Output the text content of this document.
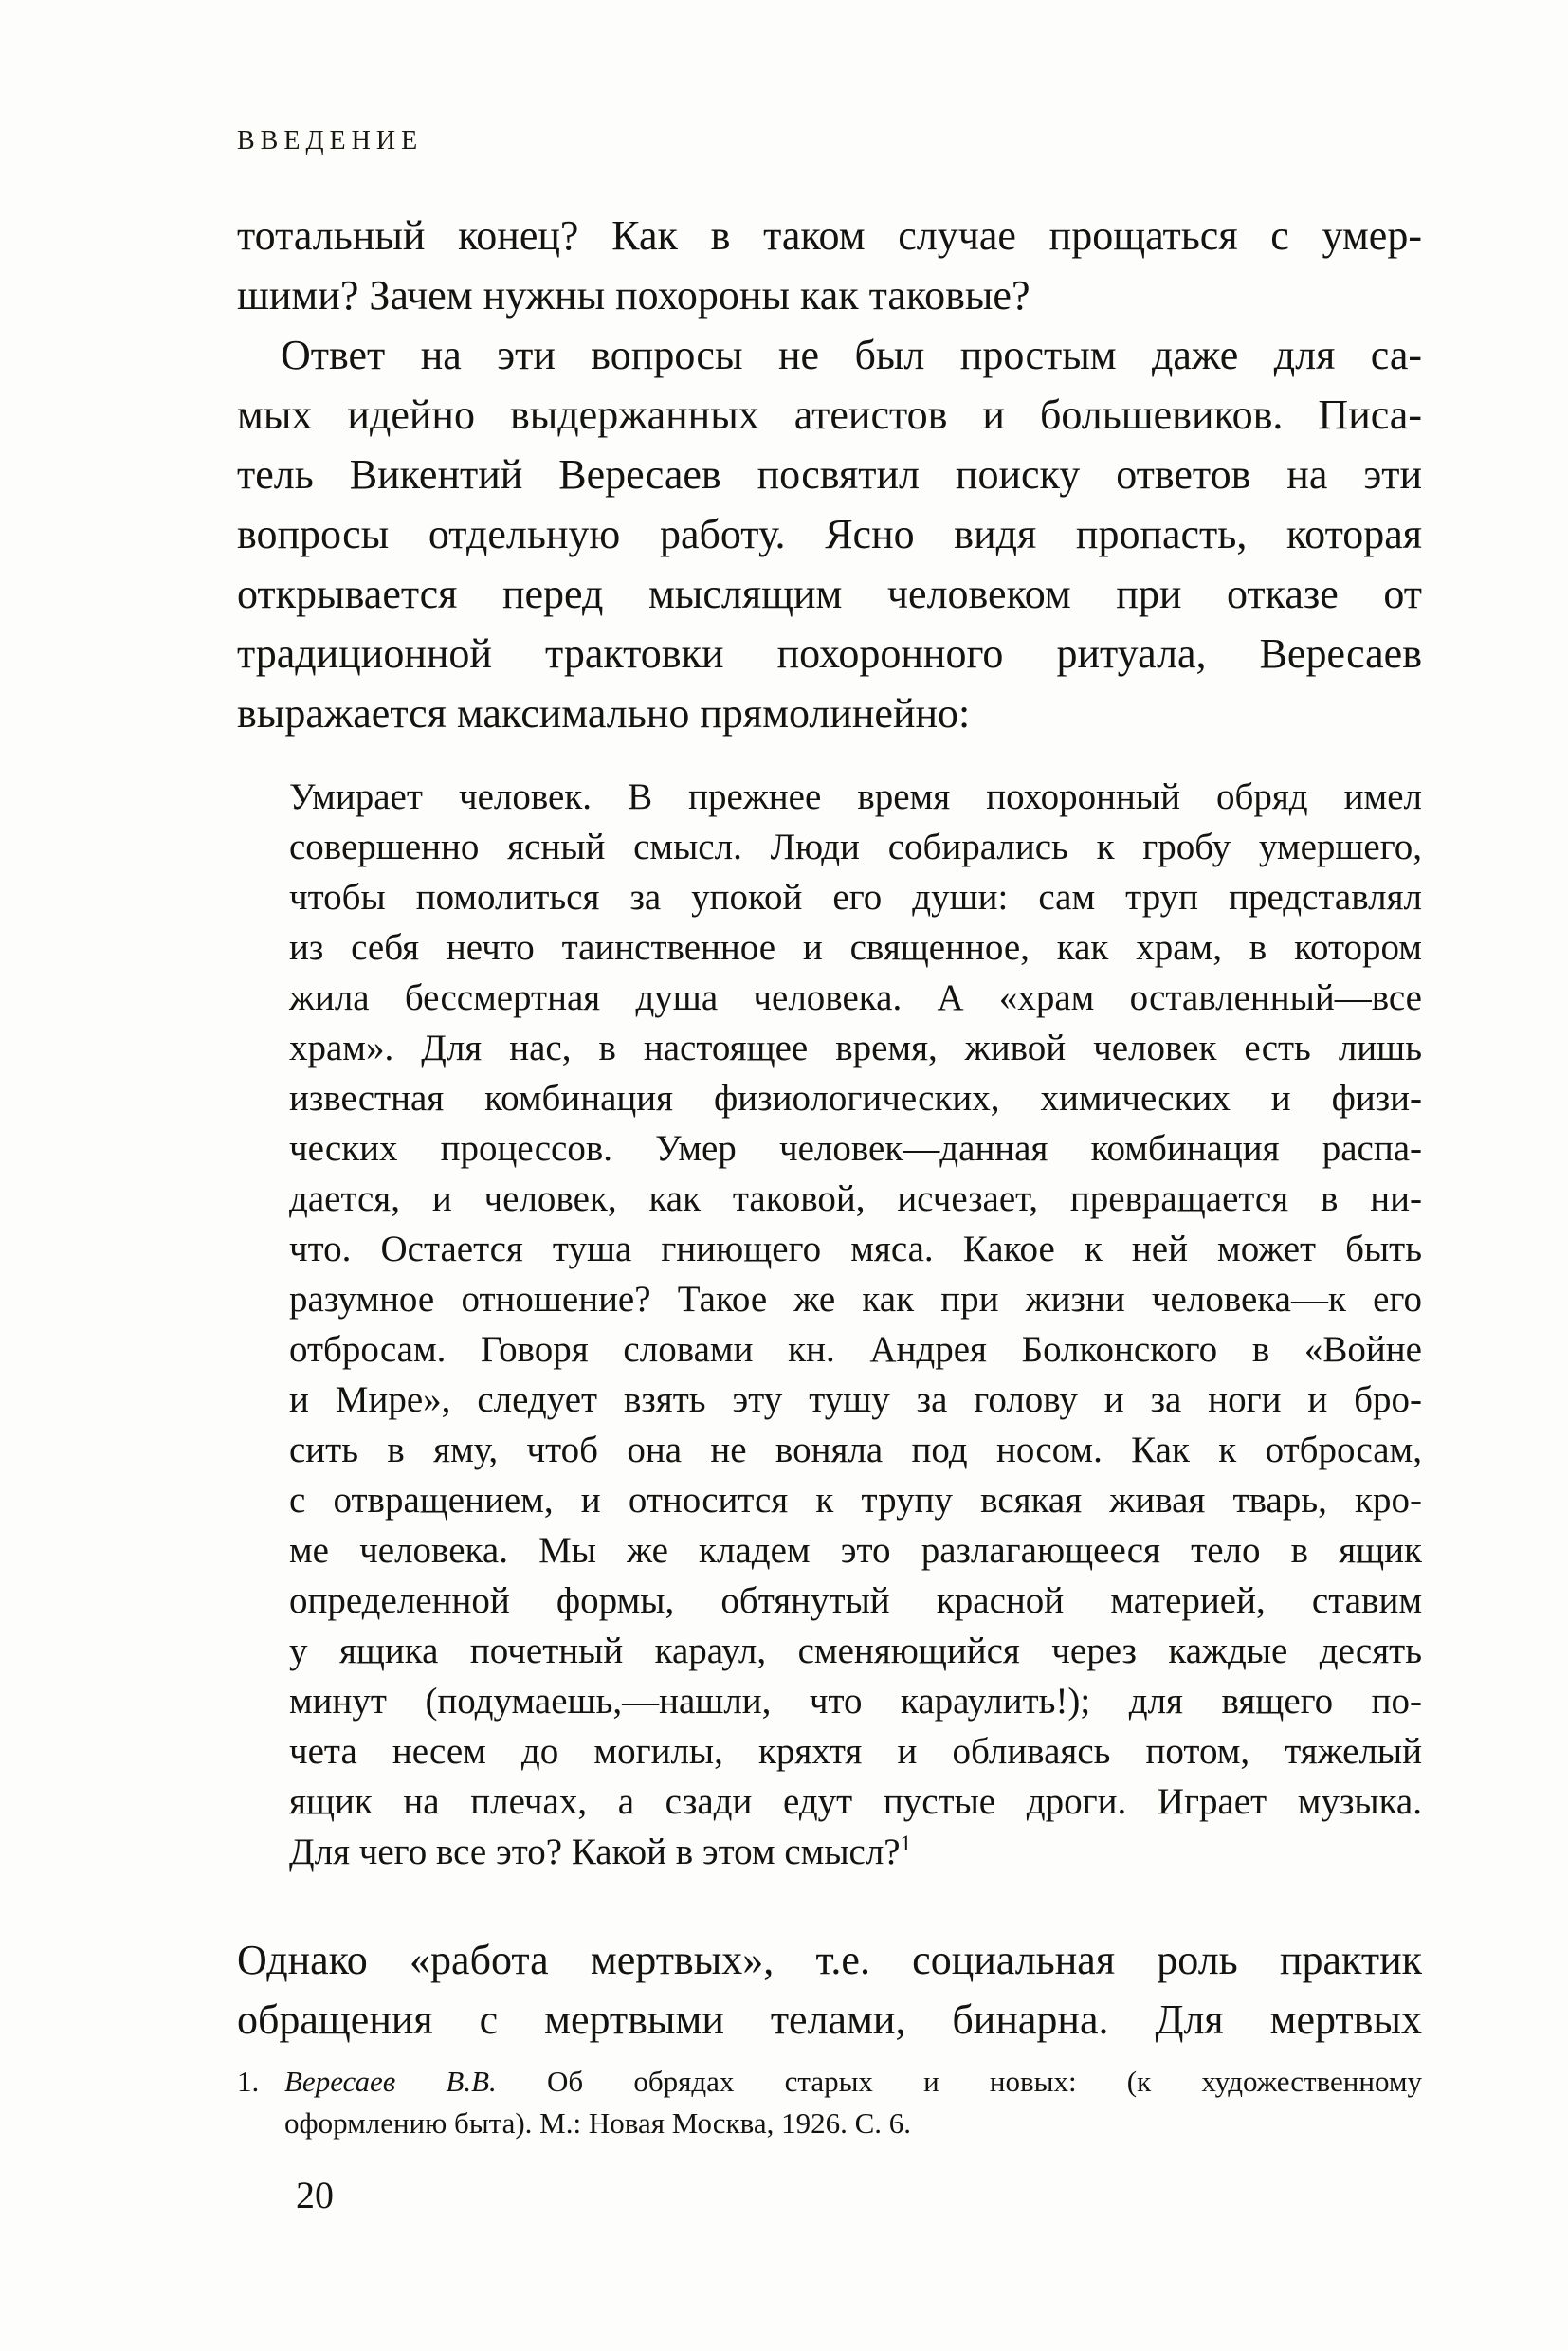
ВВЕДЕНИЕ
тотальный конец? Как в таком случае прощаться с умер-
шими? Зачем нужны похороны как таковые?
Ответ на эти вопросы не был простым даже для са-
мых идейно выдержанных атеистов и большевиков. Писа-
тель Викентий Вересаев посвятил поиску ответов на эти
вопросы отдельную работу. Ясно видя пропасть, которая
открывается перед мыслящим человеком при отказе от
традиционной трактовки похоронного ритуала, Вересаев
выражается максимально прямолинейно:
Умирает человек. В прежнее время похоронный обряд имел
совершенно ясный смысл. Люди собирались к гробу умершего,
чтобы помолиться за упокой его души: сам труп представлял
из себя нечто таинственное и священное, как храм, в котором
жила бессмертная душа человека. А «храм оставленный—все
храм». Для нас, в настоящее время, живой человек есть лишь
известная комбинация физиологических, химических и физи-
ческих процессов. Умер человек—данная комбинация распа-
дается, и человек, как таковой, исчезает, превращается в ни-
что. Остается туша гниющего мяса. Какое к ней может быть
разумное отношение? Такое же как при жизни человека—к его
отбросам. Говоря словами кн. Андрея Болконского в «Войне
и Мире», следует взять эту тушу за голову и за ноги и бро-
сить в яму, чтоб она не воняла под носом. Как к отбросам,
с отвращением, и относится к трупу всякая живая тварь, кро-
ме человека. Мы же кладем это разлагающееся тело в ящик
определенной формы, обтянутый красной материей, ставим
у ящика почетный караул, сменяющийся через каждые десять
минут (подумаешь,—нашли, что караулить!); для вящего по-
чета несем до могилы, кряхтя и обливаясь потом, тяжелый
ящик на плечах, а сзади едут пустые дроги. Играет музыка.
Для чего все это? Какой в этом смысл?$^1$
Однако «работа мертвых», т.е. социальная роль практик
обращения с мертвыми телами, бинарна. Для мертвых
1. Вересаев В.В. Об обрядах старых и новых: (к художественному
оформлению быта). М.: Новая Москва, 1926. С. 6.
20
